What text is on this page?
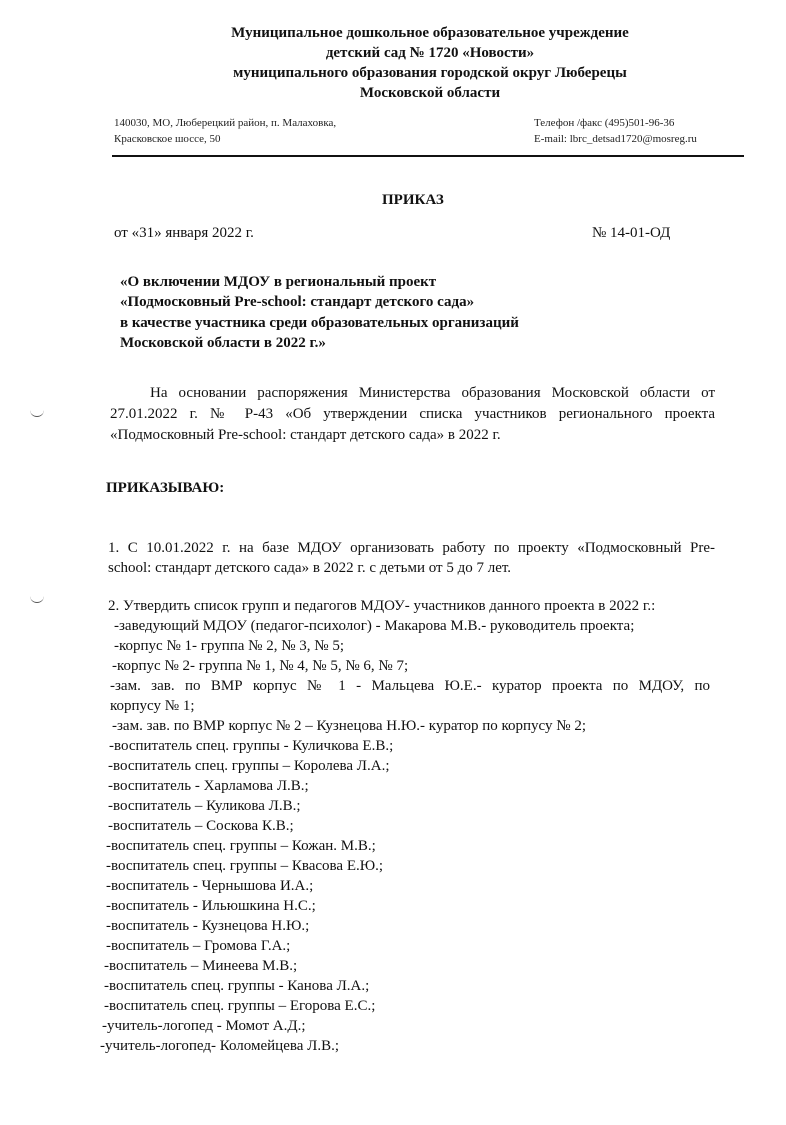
Муниципальное дошкольное образовательное учреждение
детский сад № 1720 «Новости»
муниципального образования городской округ Люберецы
Московской области
140030, МО, Люберецкий район, п. Малаховка,
Красковское шоссе, 50
Телефон /факс (495)501-96-36
E-mail: lbrc_detsad1720@mosreg.ru
ПРИКАЗ
от «31» января 2022 г.	№ 14-01-ОД
«О включении МДОУ в региональный проект
«Подмосковный Pre-school: стандарт детского сада»
в качестве участника среди образовательных организаций
Московской области в 2022 г.»
На основании распоряжения Министерства образования Московской области от
27.01.2022 г. № Р-43 «Об утверждении списка участников регионального проекта
«Подмосковный Pre-school: стандарт детского сада» в 2022 г.
ПРИКАЗЫВАЮ:
1. С 10.01.2022 г. на базе МДОУ организовать работу по проекту «Подмосковный Pre-
school: стандарт детского сада» в 2022 г. с детьми от 5 до 7 лет.
2. Утвердить список групп и педагогов МДОУ- участников данного проекта в 2022 г.:
-заведующий МДОУ (педагог-психолог) - Макарова М.В.- руководитель проекта;
-корпус № 1- группа № 2, № 3, № 5;
-корпус № 2- группа № 1, № 4, № 5, № 6, № 7;
-зам. зав. по ВМР корпус № 1 - Мальцева Ю.Е.- куратор проекта по МДОУ, по
корпусу № 1;
-зам. зав. по ВМР корпус № 2 – Кузнецова Н.Ю.- куратор по корпусу № 2;
-воспитатель спец. группы - Куличкова Е.В.;
-воспитатель спец. группы – Королева Л.А.;
-воспитатель - Харламова Л.В.;
-воспитатель – Куликова Л.В.;
-воспитатель – Соскова К.В.;
-воспитатель спец. группы – Кожан. М.В.;
-воспитатель спец. группы – Квасова Е.Ю.;
-воспитатель - Чернышова И.А.;
-воспитатель - Ильюшкина Н.С.;
-воспитатель - Кузнецова Н.Ю.;
-воспитатель – Громова Г.А.;
-воспитатель – Минеева М.В.;
-воспитатель спец. группы - Канова Л.А.;
-воспитатель спец. группы – Егорова Е.С.;
-учитель-логопед - Момот А.Д.;
-учитель-логопед- Коломейцева Л.В.;
